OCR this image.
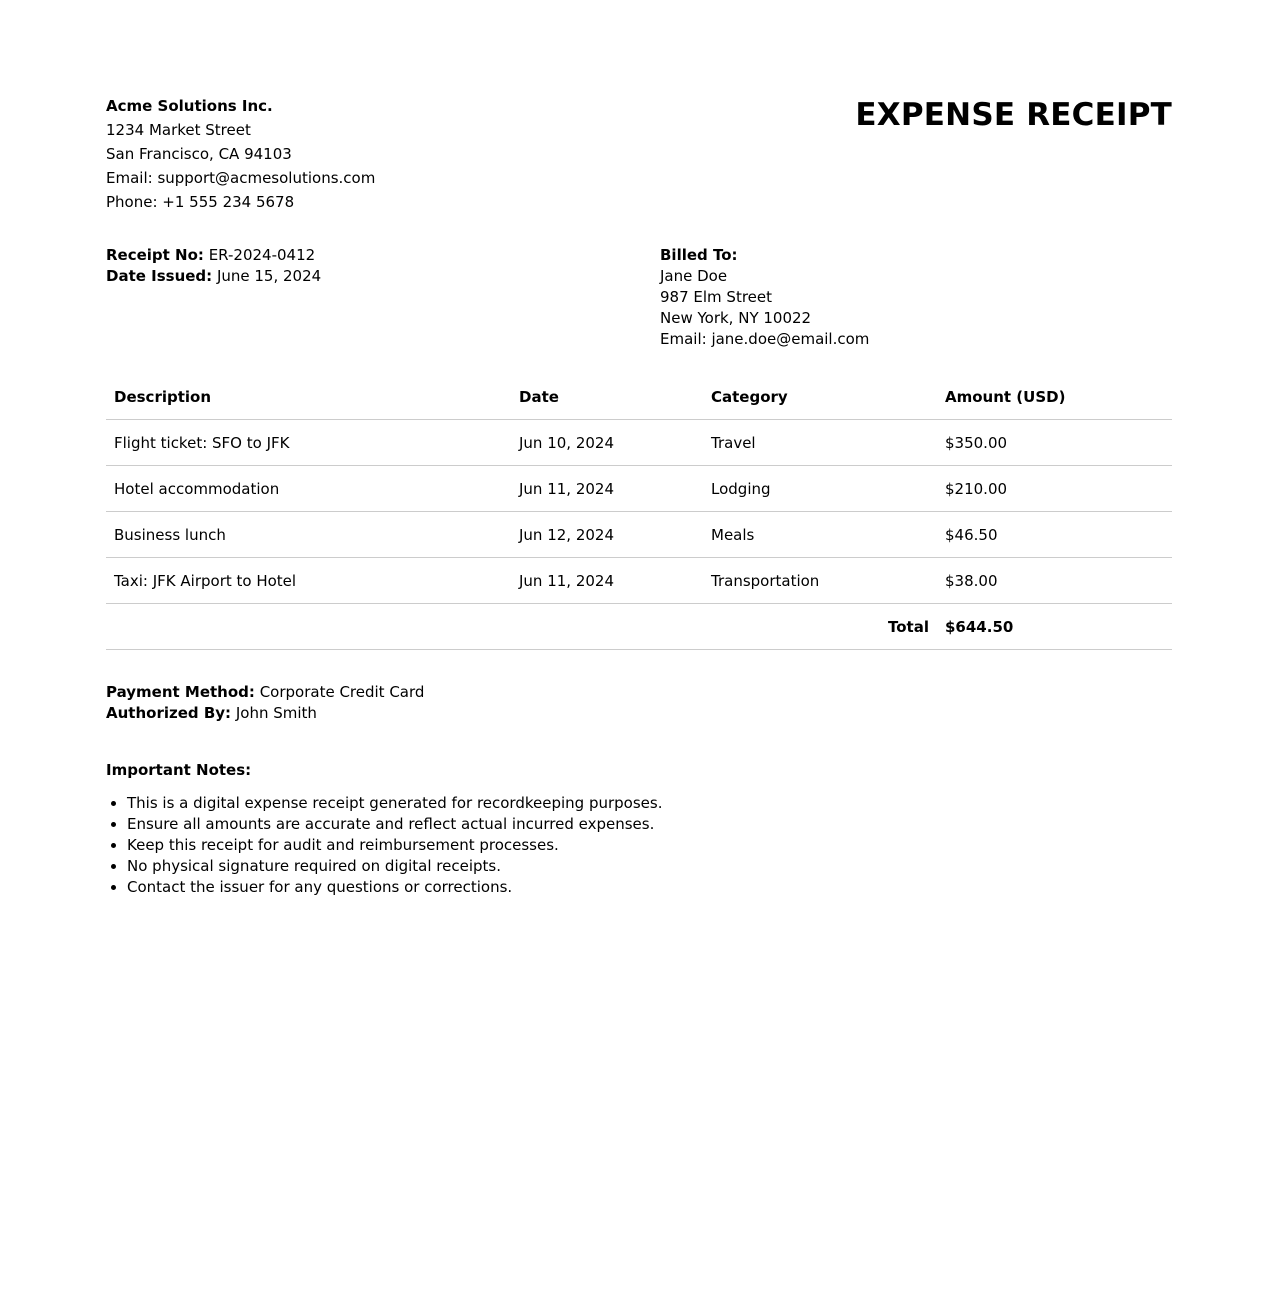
Acme Solutions Inc.
1234 Market Street
San Francisco, CA 94103
Email: support@acmesolutions.com
Phone: +1 555 234 5678
EXPENSE RECEIPT
Receipt No: ER-2024-0412
Date Issued: June 15, 2024
Billed To:
Jane Doe
987 Elm Street
New York, NY 10022
Email: jane.doe@email.com
Description	Date	Category	Amount (USD)
Flight ticket: SFO to JFK	Jun 10, 2024	Travel	$350.00
Hotel accommodation	Jun 11, 2024	Lodging	$210.00
Business lunch	Jun 12, 2024	Meals	$46.50
Taxi: JFK Airport to Hotel	Jun 11, 2024	Transportation	$38.00
Total			$644.50
Payment Method: Corporate Credit Card
Authorized By: John Smith
Important Notes:
• This is a digital expense receipt generated for recordkeeping purposes.
• Ensure all amounts are accurate and reflect actual incurred expenses.
• Keep this receipt for audit and reimbursement processes.
• No physical signature required on digital receipts.
• Contact the issuer for any questions or corrections.
